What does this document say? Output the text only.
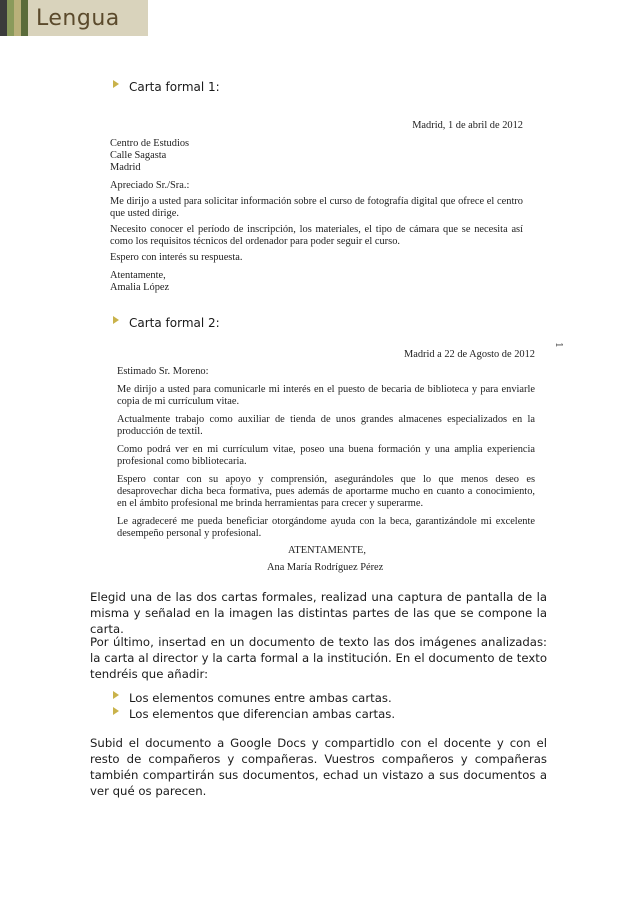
Lengua
Carta formal 1:
Madrid, 1 de abril de 2012
Centro de Estudios
Calle Sagasta
Madrid
Apreciado Sr./Sra.:
Me dirijo a usted para solicitar información sobre el curso de fotografía digital que ofrece el centro
que usted dirige.
Necesito conocer el período de inscripción, los materiales, el tipo de cámara que se necesita así
como los requisitos técnicos del ordenador para poder seguir el curso.
Espero con interés su respuesta.
Atentamente,
Amalia López
Carta formal 2:
1
Madrid a 22 de Agosto de 2012
Estimado Sr. Moreno:
Me dirijo a usted para comunicarle mi interés en el puesto de becaria de biblioteca y para enviarle
copia de mi currículum vitae.
Actualmente trabajo como auxiliar de tienda de unos grandes almacenes especializados en la
producción de textil.
Como podrá ver en mi currículum vitae, poseo una buena formación y una amplia experiencia
profesional como bibliotecaria.
Espero contar con su apoyo y comprensión, asegurándoles que lo que menos deseo es
desaprovechar dicha beca formativa, pues además de aportarme mucho en cuanto a conocimiento,
en el ámbito profesional me brinda herramientas para crecer y superarme.
Le agradeceré me pueda beneficiar otorgándome ayuda con la beca, garantizándole mi excelente
desempeño personal y profesional.
ATENTAMENTE,
Ana María Rodríguez Pérez
Elegid una de las dos cartas formales, realizad una captura de pantalla de la misma y señalad en la imagen las distintas partes de las que se compone la carta.
Por último, insertad en un documento de texto las dos imágenes analizadas: la carta al director y la carta formal a la institución. En el documento de texto tendréis que añadir:
Los elementos comunes entre ambas cartas.
Los elementos que diferencian ambas cartas.
Subid el documento a Google Docs y compartidlo con el docente y con el resto de compañeros y compañeras. Vuestros compañeros y compañeras también compartirán sus documentos, echad un vistazo a sus documentos a ver qué os parecen.
